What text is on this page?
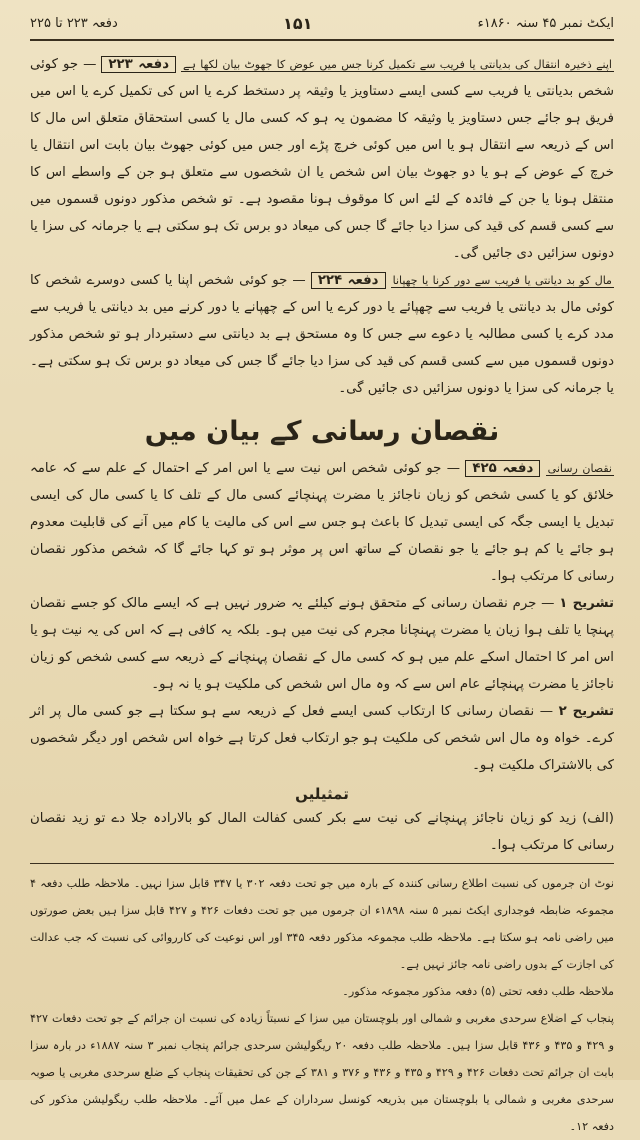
ایکٹ نمبر ۴۵ سنہ ۱۸۶۰ء
۱۵۱
دفعہ ۲۲۳ تا ۲۲۵

اپنے ذخیرہ انتقال کی بدیانتی یا فریب سے تکمیل کرنا جس میں عوض کا جھوٹ بیان لکھا ہے دفعہ ۲۲۳ — جو کوئی شخص بدیانتی یا فریب سے کسی ایسے دستاویز یا وثیقہ پر دستخط کرے یا اس کی تکمیل کرے یا اس میں فریق ہو جائے جس دستاویز یا وثیقہ کا مضمون یہ ہو کہ کسی مال یا کسی استحقاق متعلق اس مال کا اس کے ذریعہ سے انتقال ہو یا اس میں کوئی خرچ پڑے اور جس میں کوئی جھوٹ بیان بابت اس انتقال یا خرچ کے عوض کے ہو یا دو جھوٹ بیان اس شخص یا ان شخصوں سے متعلق ہو جن کے واسطے اس کا منتقل ہونا یا جن کے فائدہ کے لئے اس کا موقوف ہونا مقصود ہے۔ تو شخص مذکور دونوں قسموں میں سے کسی قسم کی قید کی سزا دیا جائے گا جس کی میعاد دو برس تک ہو سکتی ہے یا جرمانہ کی سزا یا دونوں سزائیں دی جائیں گی۔

مال کو بد دیانتی یا فریب سے دور کرنا یا چھپانا دفعہ ۲۲۴ — جو کوئی شخص اپنا یا کسی دوسرے شخص کا کوئی مال بد دیانتی یا فریب سے چھپائے یا دور کرے یا اس کے چھپانے یا دور کرنے میں بد دیانتی یا فریب سے مدد کرے یا کسی مطالبہ یا دعوے سے جس کا وہ مستحق ہے بد دیانتی سے دستبردار ہو تو شخص مذکور دونوں قسموں میں سے کسی قسم کی قید کی سزا دیا جائے گا جس کی میعاد دو برس تک ہو سکتی ہے۔ یا جرمانہ کی سزا یا دونوں سزائیں دی جائیں گی۔

نقصان رسانی کے بیان میں

نقصان رسانی دفعہ ۴۲۵ — جو کوئی شخص اس نیت سے یا اس امر کے احتمال کے علم سے کہ عامہ خلائق کو یا کسی شخص کو زیان ناجائز یا مضرت پہنچائے کسی مال کے تلف کا یا کسی مال کی ایسی تبدیل یا ایسی جگہ کی ایسی تبدیل کا باعث ہو جس سے اس کی مالیت یا کام میں آنے کی قابلیت معدوم ہو جائے یا کم ہو جائے یا جو نقصان کے ساتھ اس پر موثر ہو تو کہا جائے گا کہ شخص مذکور نقصان رسانی کا مرتکب ہوا۔

تشریح ۱ — جرم نقصان رسانی کے متحقق ہونے کیلئے یہ ضرور نہیں ہے کہ ایسے مالک کو جسے نقصان پہنچا یا تلف ہوا زیان یا مضرت پہنچانا مجرم کی نیت میں ہو۔ بلکہ یہ کافی ہے کہ اس کی یہ نیت ہو یا اس امر کا احتمال اسکے علم میں ہو کہ کسی مال کے نقصان پہنچانے کے ذریعہ سے کسی شخص کو زیان ناجائز یا مضرت پہنچائے عام اس سے کہ وہ مال اس شخص کی ملکیت ہو یا نہ ہو۔

تشریح ۲ — نقصان رسانی کا ارتکاب کسی ایسے فعل کے ذریعہ سے ہو سکتا ہے جو کسی مال پر اثر کرے۔ خواہ وہ مال اس شخص کی ملکیت ہو جو ارتکاب فعل کرتا ہے خواہ اس شخص اور دیگر شخصوں کی بالاشتراک ملکیت ہو۔

تمثیلیں

(الف) زید کو زیان ناجائز پہنچانے کی نیت سے بکر کسی کفالت المال کو بالارادہ جلا دے تو زید نقصان رسانی کا مرتکب ہوا۔

نوٹ ان جرموں کی نسبت اطلاع رسانی کنندہ کے بارہ میں جو تحت دفعہ ۳۰۲ یا ۳۴۷ قابل سزا نہیں۔ ملاحظہ طلب دفعہ ۴ مجموعہ ضابطہ فوجداری ایکٹ نمبر ۵ سنہ ۱۸۹۸ء ان جرموں میں جو تحت دفعات ۴۲۶ و ۴۲۷ قابل سزا ہیں بعض صورتوں میں راضی نامہ ہو سکتا ہے۔ ملاحظہ طلب مجموعہ مذکور دفعہ ۳۴۵ اور اس نوعیت کی کارروائی کی نسبت کہ جب عدالت کی اجازت کے بدوں راضی نامہ جائز نہیں ہے۔

ملاحظہ طلب دفعہ تحتی (۵) دفعہ مذکور مجموعہ مذکور۔

پنجاب کے اضلاع سرحدی مغربی و شمالی اور بلوچستان میں سزا کے نسبتاً زیادہ کی نسبت ان جرائم کے جو تحت دفعات ۴۲۷ و ۴۲۹ و ۴۳۵ و ۴۳۶ قابل سزا ہیں۔ ملاحظہ طلب دفعہ ۲۰ ریگولیشن سرحدی جرائم پنجاب نمبر ۳ سنہ ۱۸۸۷ء در بارہ سزا بابت ان جرائم تحت دفعات ۴۲۶ و ۴۲۹ و ۴۳۵ و ۴۳۶ و ۳۷۶ و ۳۸۱ کے جن کی تحقیقات پنجاب کے ضلع سرحدی مغربی یا صوبہ سرحدی مغربی و شمالی یا بلوچستان میں بذریعہ کونسل سرداران کے عمل میں آئے۔ ملاحظہ طلب ریگولیشن مذکور کی دفعہ ۱۲۔
